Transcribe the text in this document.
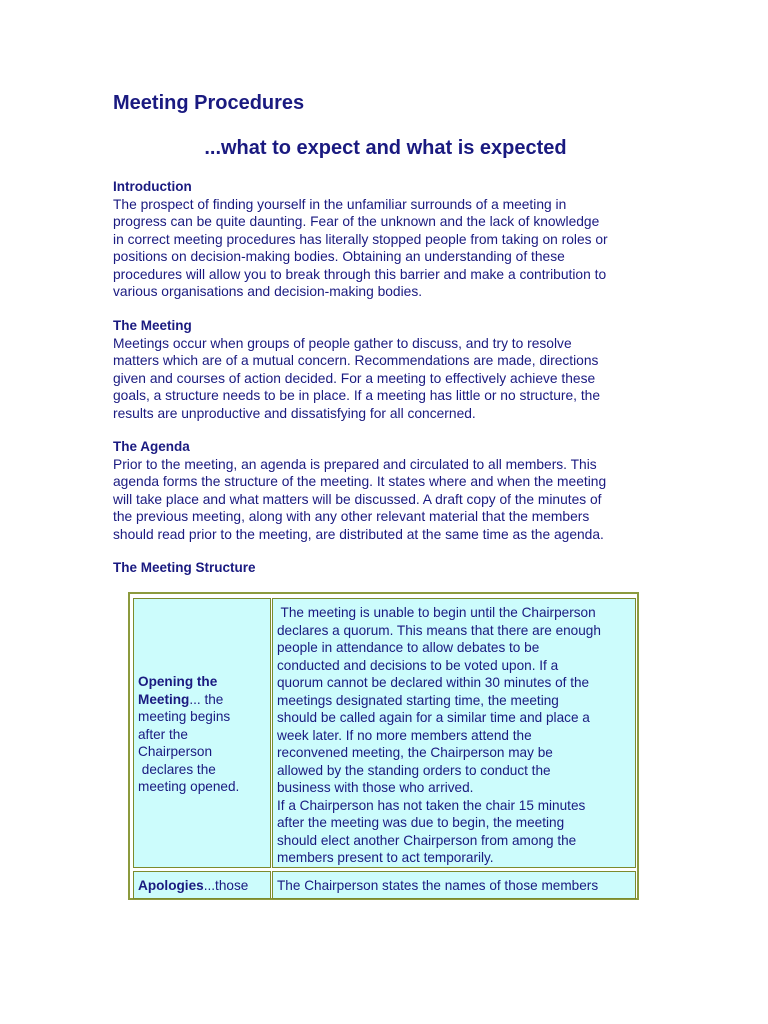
Meeting Procedures
...what to expect and what is expected
Introduction

The prospect of finding yourself in the unfamiliar surrounds of a meeting in

progress can be quite daunting. Fear of the unknown and the lack of knowledge

in correct meeting procedures has literally stopped people from taking on roles or

positions on decision-making bodies. Obtaining an understanding of these

procedures will allow you to break through this barrier and make a contribution to

various organisations and decision-making bodies.

The Meeting

Meetings occur when groups of people gather to discuss, and try to resolve

matters which are of a mutual concern. Recommendations are made, directions

given and courses of action decided. For a meeting to effectively achieve these

goals, a structure needs to be in place. If a meeting has little or no structure, the

results are unproductive and dissatisfying for all concerned.

The Agenda

Prior to the meeting, an agenda is prepared and circulated to all members. This

agenda forms the structure of the meeting. It states where and when the meeting

will take place and what matters will be discussed. A draft copy of the minutes of

the previous meeting, along with any other relevant material that the members

should read prior to the meeting, are distributed at the same time as the agenda.

The Meeting Structure
Opening the
Meeting... the
meeting begins
after the
Chairperson
declares the
meeting opened.
The meeting is unable to begin until the Chairperson
declares a quorum. This means that there are enough
people in attendance to allow debates to be
conducted and decisions to be voted upon. If a
quorum cannot be declared within 30 minutes of the
meetings designated starting time, the meeting
should be called again for a similar time and place a
week later. If no more members attend the
reconvened meeting, the Chairperson may be
allowed by the standing orders to conduct the
business with those who arrived.
If a Chairperson has not taken the chair 15 minutes
after the meeting was due to begin, the meeting
should elect another Chairperson from among the
members present to act temporarily.
Apologies...those The Chairperson states the names of those members
